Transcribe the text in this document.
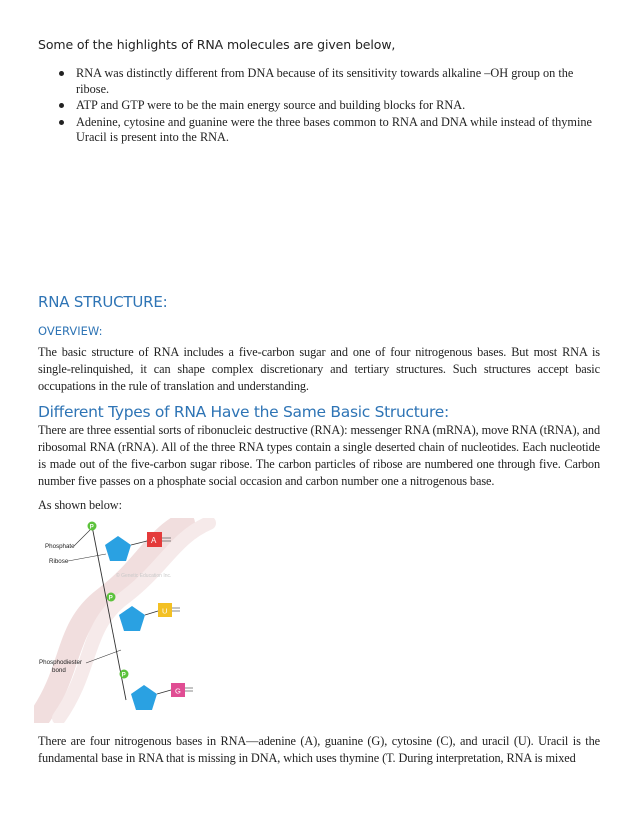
Some of the highlights of RNA molecules are given below,
RNA was distinctly different from DNA because of its sensitivity towards alkaline –OH group on the ribose.
ATP and GTP were to be the main energy source and building blocks for RNA.
Adenine, cytosine and guanine were the three bases common to RNA and DNA while instead of thymine Uracil is present into the RNA.
RNA STRUCTURE:
OVERVIEW:
The basic structure of RNA includes a five-carbon sugar and one of four nitrogenous bases. But most RNA is single-relinquished, it can shape complex discretionary and tertiary structures. Such structures accept basic occupations in the rule of translation and understanding.
Different Types of RNA Have the Same Basic Structure:
There are three essential sorts of ribonucleic destructive (RNA): messenger RNA (mRNA), move RNA (tRNA), and ribosomal RNA (rRNA). All of the three RNA types contain a single deserted chain of nucleotides. Each nucleotide is made out of the five-carbon sugar ribose. The carbon particles of ribose are numbered one through five. Carbon number five passes on a phosphate social occasion and carbon number one a nitrogenous base.
As shown below:
© Genetic Education Inc.
P
A
P
U
P
G
Phosphate
Ribose
Phosphodiester
bond
There are four nitrogenous bases in RNA—adenine (A), guanine (G), cytosine (C), and uracil (U). Uracil is the fundamental base in RNA that is missing in DNA, which uses thymine (T. During interpretation, RNA is mixed
